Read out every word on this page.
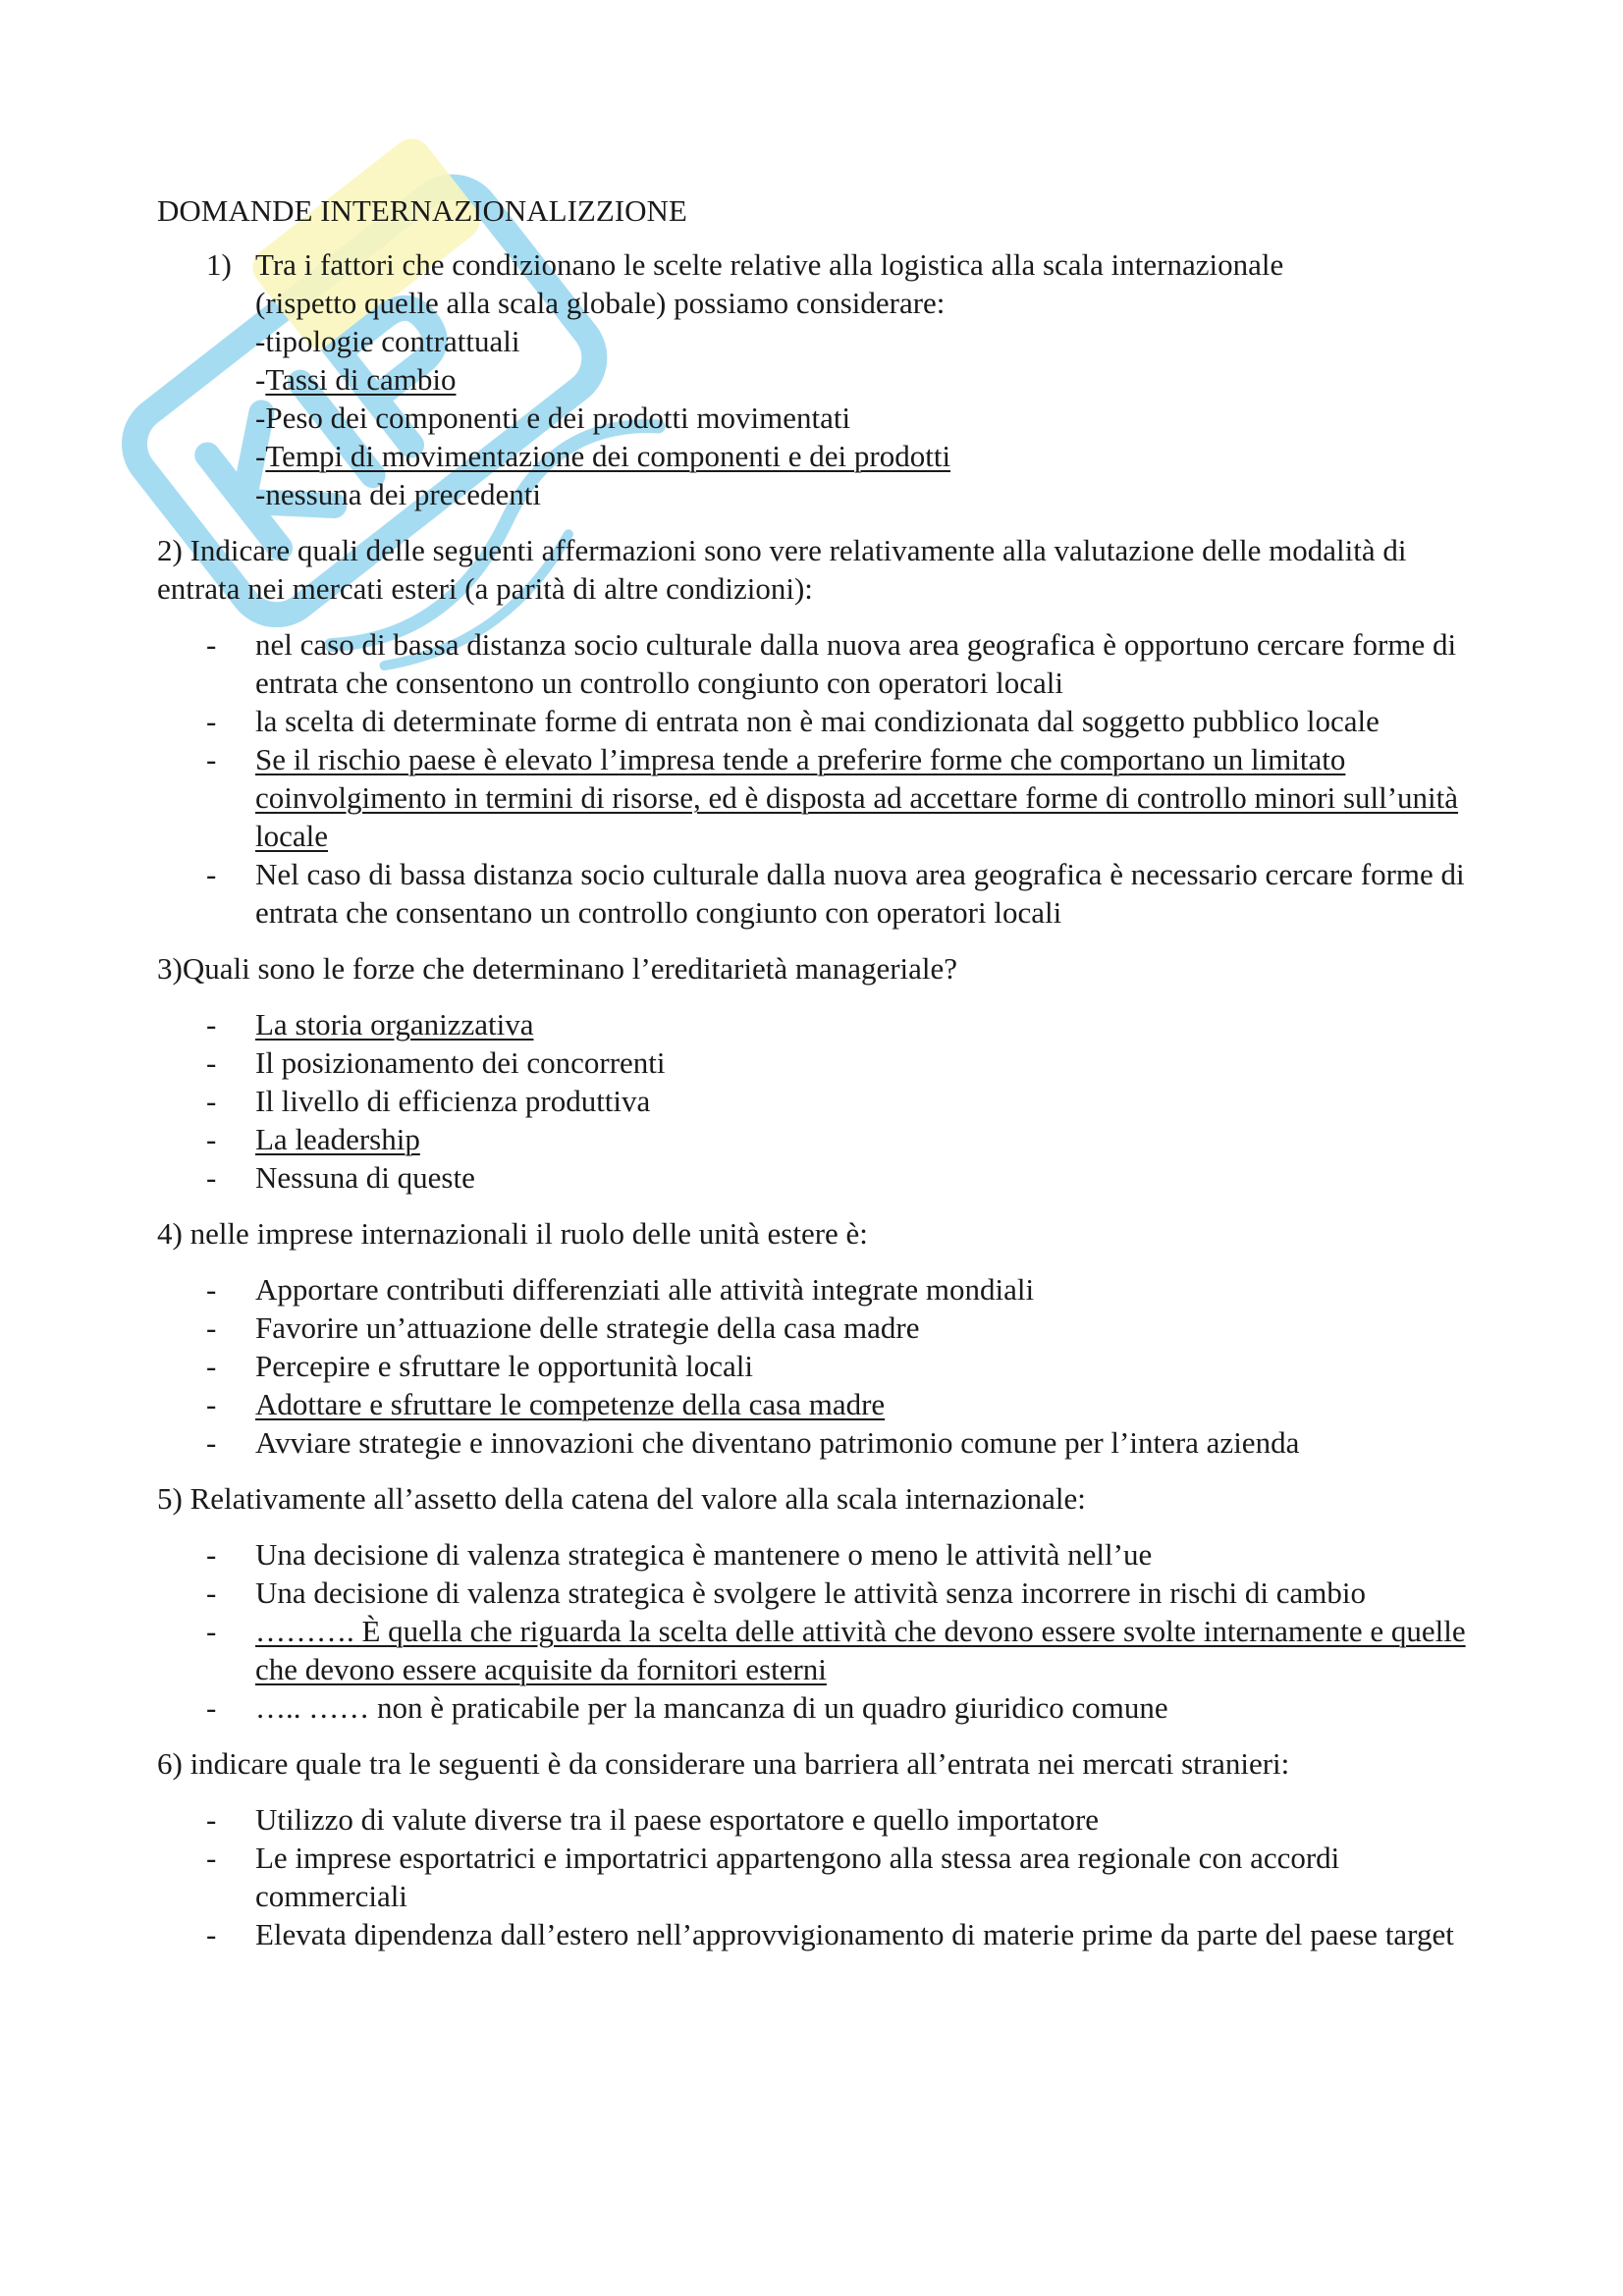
DOMANDE INTERNAZIONALIZZIONE
1) Tra i fattori che condizionano le scelte relative alla logistica alla scala internazionale
(rispetto quelle alla scala globale) possiamo considerare:
-tipologie contrattuali
-Tassi di cambio
-Peso dei componenti e dei prodotti movimentati
-Tempi di movimentazione dei componenti e dei prodotti
-nessuna dei precedenti
2) Indicare quali delle seguenti affermazioni sono vere relativamente alla valutazione delle modalità di entrata nei mercati esteri (a parità di altre condizioni):
- nel caso di bassa distanza socio culturale dalla nuova area geografica è opportuno cercare forme di entrata che consentono un controllo congiunto con operatori locali
- la scelta di determinate forme di entrata non è mai condizionata dal soggetto pubblico locale
- Se il rischio paese è elevato l’impresa tende a preferire forme che comportano un limitato coinvolgimento in termini di risorse, ed è disposta ad accettare forme di controllo minori sull’unità locale
- Nel caso di bassa distanza socio culturale dalla nuova area geografica è necessario cercare forme di entrata che consentano un controllo congiunto con operatori locali
3)Quali sono le forze che determinano l’ereditarietà manageriale?
- La storia organizzativa
- Il posizionamento dei concorrenti
- Il livello di efficienza produttiva
- La leadership
- Nessuna di queste
4) nelle imprese internazionali il ruolo delle unità estere è:
- Apportare contributi differenziati alle attività integrate mondiali
- Favorire un’attuazione delle strategie della casa madre
- Percepire e sfruttare le opportunità locali
- Adottare e sfruttare le competenze della casa madre
- Avviare strategie e innovazioni che diventano patrimonio comune per l’intera azienda
5) Relativamente all’assetto della catena del valore alla scala internazionale:
- Una decisione di valenza strategica è mantenere o meno le attività nell’ue
- Una decisione di valenza strategica è svolgere le attività senza incorrere in rischi di cambio
- ………. È quella che riguarda la scelta delle attività che devono essere svolte internamente e quelle che devono essere acquisite da fornitori esterni
- ….. …… non è praticabile per la mancanza di un quadro giuridico comune
6) indicare quale tra le seguenti è da considerare una barriera all’entrata nei mercati stranieri:
- Utilizzo di valute diverse tra il paese esportatore e quello importatore
- Le imprese esportatrici e importatrici appartengono alla stessa area regionale con accordi commerciali
- Elevata dipendenza dall’estero nell’approvvigionamento di materie prime da parte del paese target
